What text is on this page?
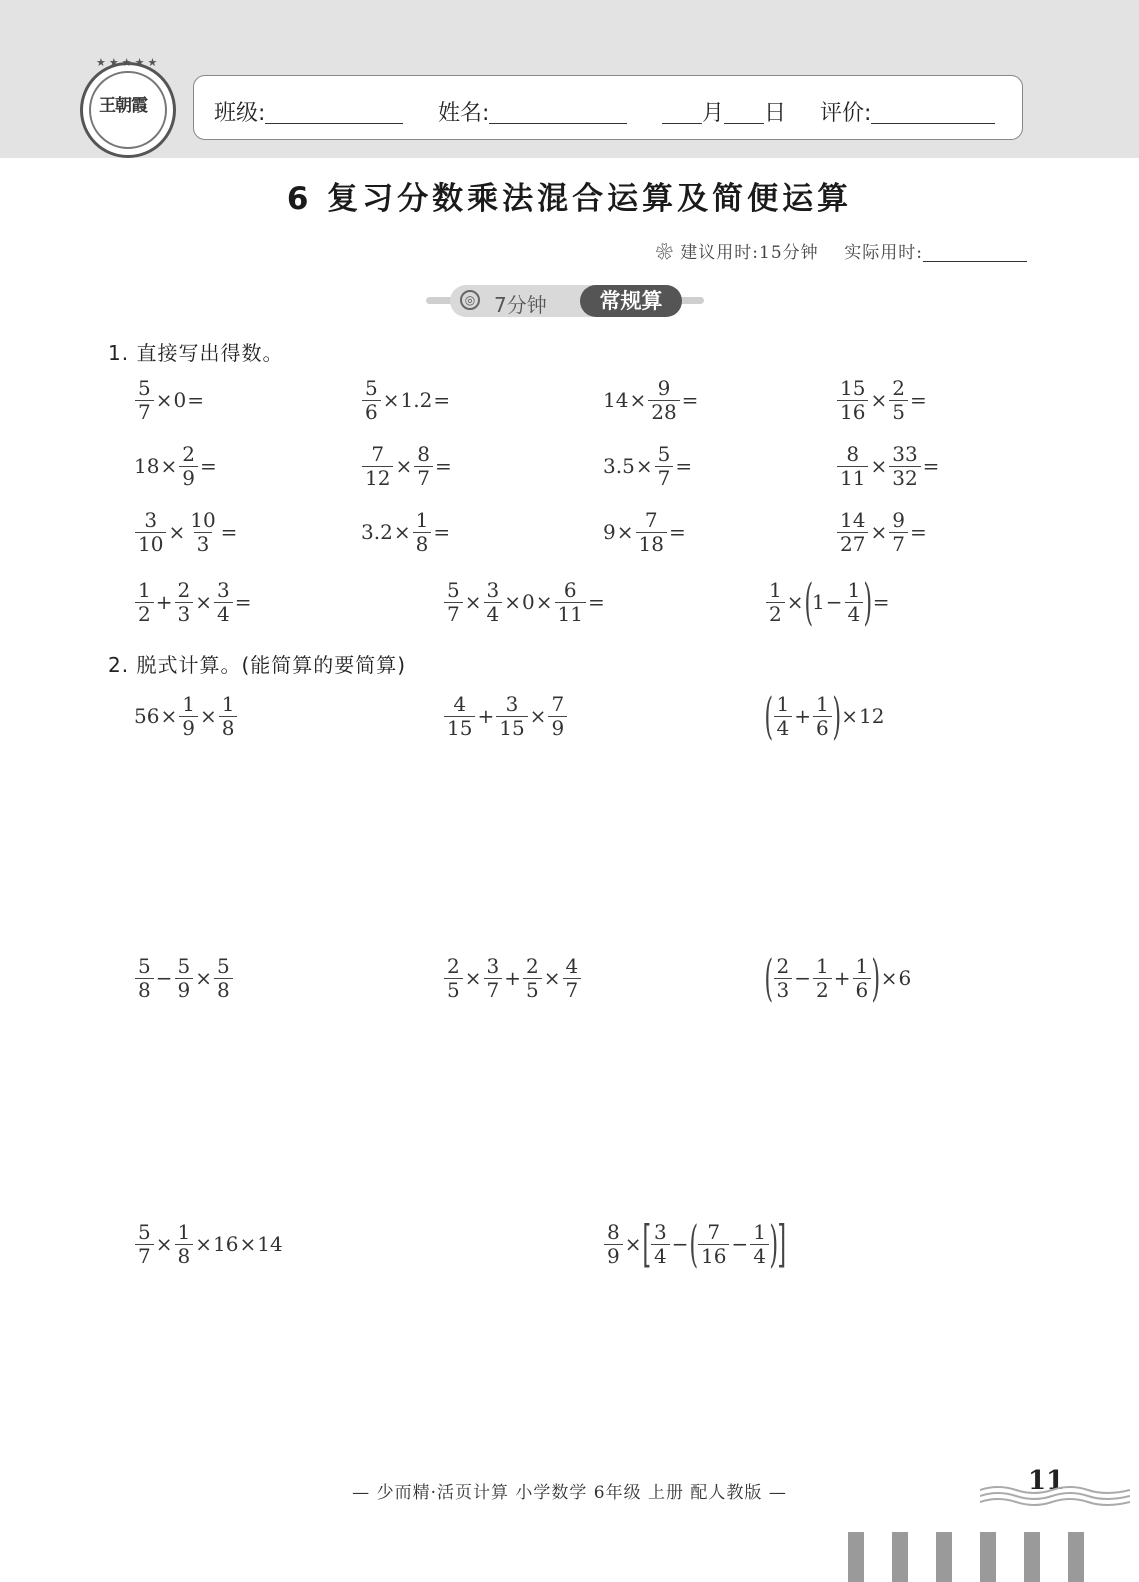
王朝霞
★★★★★
班级:	姓名:	月 日 评价:
6 复习分数乘法混合运算及简便运算
❀ 建议用时:15分钟 实际用时:
◎ 7分钟	常规算
1. 直接写出得数。
$\frac{5}{7} \times 0$ =	$\frac{5}{6} \times 1.2$ =	$14 \times \frac{9}{28}$ =	$\frac{15}{16} \times \frac{2}{5}$ =
$18 \times \frac{2}{9}$ =	$\frac{7}{12} \times \frac{8}{7}$ =	$3.5 \times \frac{5}{7}$ =	$\frac{8}{11} \times \frac{33}{32}$ =
$\frac{3}{10} \times \frac{10}{3}$ =	$3.2 \times \frac{1}{8}$ =	$9 \times \frac{7}{18}$ =	$\frac{14}{27} \times \frac{9}{7}$ =
$\frac{1}{2} + \frac{2}{3} \times \frac{3}{4}$ =	$\frac{5}{7} \times \frac{3}{4} \times 0 \times \frac{6}{11}$ =	$\frac{1}{2}$ × ( $1 - \frac{1}{4}$ ) =
2. 脱式计算。(能简算的要简算)
$56 \times \frac{1}{9} \times \frac{1}{8}$	$\frac{4}{15} + \frac{3}{15} \times \frac{7}{9}$	( $\frac{1}{4} + \frac{1}{6}$ ) × 12
$\frac{5}{8} - \frac{5}{9} \times \frac{5}{8}$	$\frac{2}{5} \times \frac{3}{7} + \frac{2}{5} \times \frac{4}{7}$	( $\frac{2}{3} - \frac{1}{2} + \frac{1}{6}$ ) × 6
$\frac{5}{7} \times \frac{1}{8} \times 16 \times 14$	$\frac{8}{9}$ × [ $\frac{3}{4}$ − ( $\frac{7}{16} - \frac{1}{4}$ )
]
— 少而精·活页计算 小学数学 6年级 上册 配人教版 —	11
